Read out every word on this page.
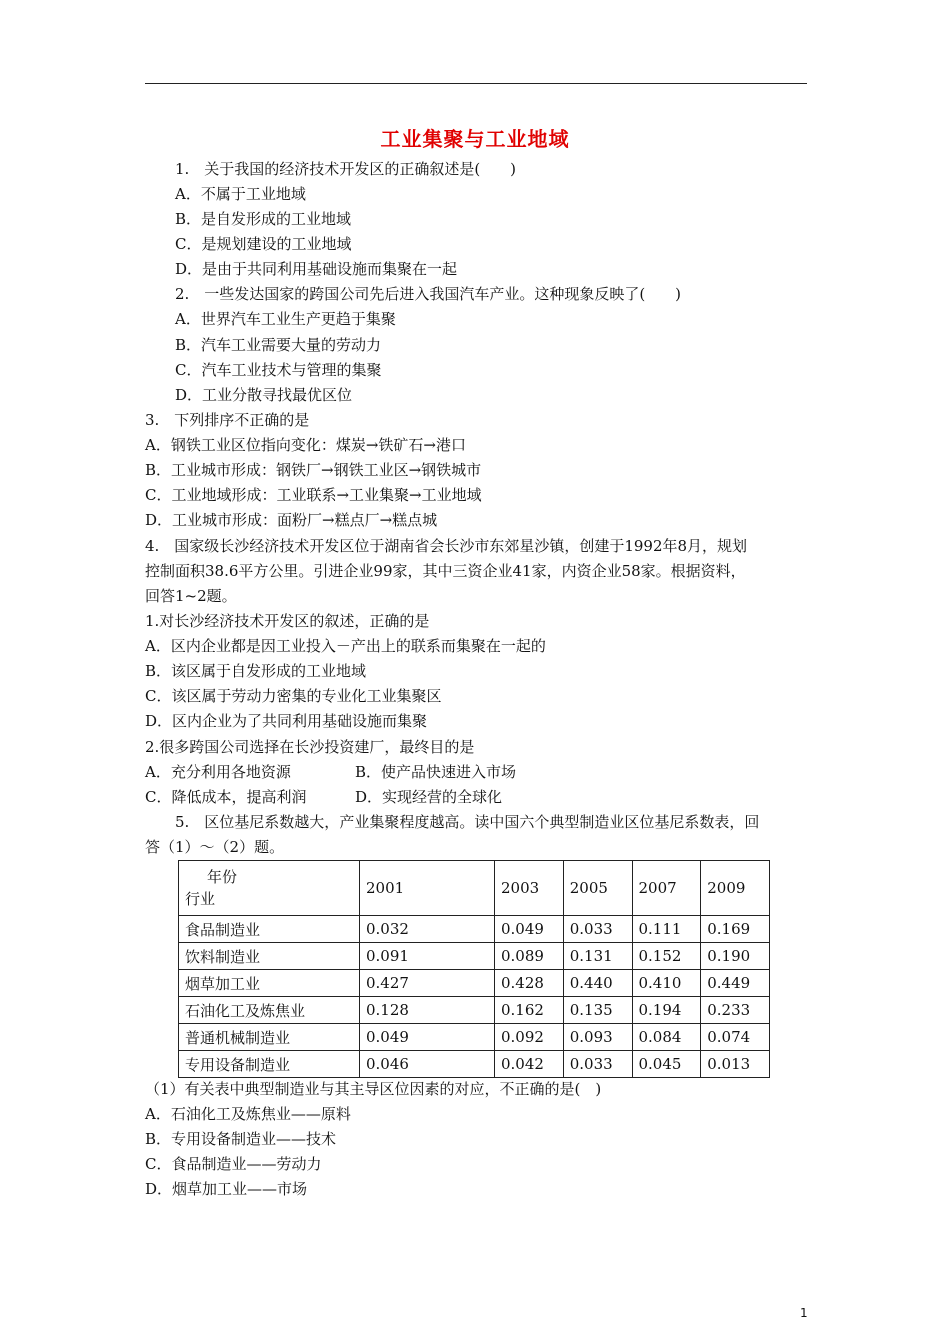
工业集聚与工业地域
1.　关于我国的经济技术开发区的正确叙述是(　　)
A．不属于工业地域
B．是自发形成的工业地域
C．是规划建设的工业地域
D．是由于共同利用基础设施而集聚在一起
2.　一些发达国家的跨国公司先后进入我国汽车产业。这种现象反映了(　　)
A．世界汽车工业生产更趋于集聚
B．汽车工业需要大量的劳动力
C．汽车工业技术与管理的集聚
D．工业分散寻找最优区位
3.　下列排序不正确的是
A．钢铁工业区位指向变化：煤炭→铁矿石→港口
B．工业城市形成：钢铁厂→钢铁工业区→钢铁城市
C．工业地域形成：工业联系→工业集聚→工业地域
D．工业城市形成：面粉厂→糕点厂→糕点城
4.　国家级长沙经济技术开发区位于湖南省会长沙市东郊星沙镇，创建于1992年8月，规划
控制面积38.6平方公里。引进企业99家，其中三资企业41家，内资企业58家。根据资料，
回答1~2题。
1.对长沙经济技术开发区的叙述，正确的是
A．区内企业都是因工业投入－产出上的联系而集聚在一起的
B．该区属于自发形成的工业地域
C．该区属于劳动力密集的专业化工业集聚区
D．区内企业为了共同利用基础设施而集聚
2.很多跨国公司选择在长沙投资建厂，最终目的是
A．充分利用各地资源	B．使产品快速进入市场
C．降低成本，提高利润	D．实现经营的全球化
5.　区位基尼系数越大，产业集聚程度越高。读中国六个典型制造业区位基尼系数表，回
答（1）～（2）题。
年份
行业	2001	2003	2005	2007	2009
食品制造业	0.032	0.049	0.033	0.111	0.169
饮料制造业	0.091	0.089	0.131	0.152	0.190
烟草加工业	0.427	0.428	0.440	0.410	0.449
石油化工及炼焦业	0.128	0.162	0.135	0.194	0.233
普通机械制造业	0.049	0.092	0.093	0.084	0.074
专用设备制造业	0.046	0.042	0.033	0.045	0.013
（1）有关表中典型制造业与其主导区位因素的对应，不正确的是(　)
A．石油化工及炼焦业——原料
B．专用设备制造业——技术
C．食品制造业——劳动力
D．烟草加工业——市场
1
